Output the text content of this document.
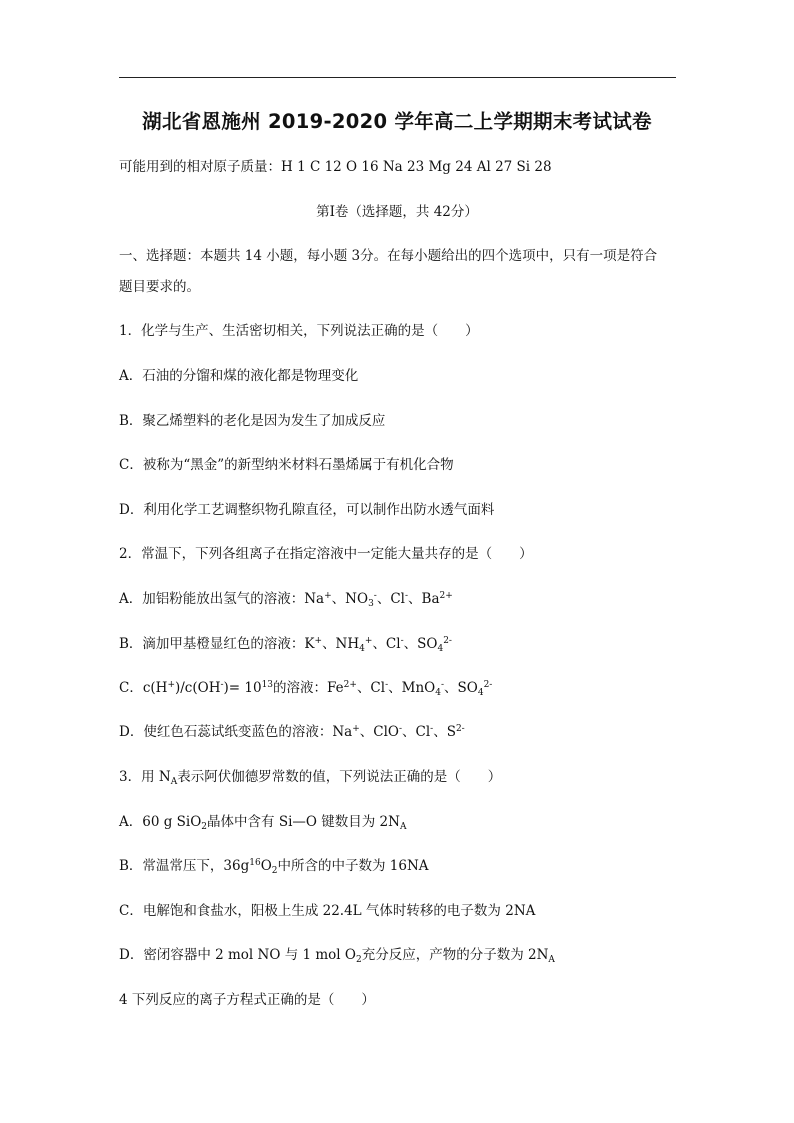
湖北省恩施州 2019-2020 学年高二上学期期末考试试卷
可能用到的相对原子质量：H 1 C 12 O 16 Na 23 Mg 24 Al 27 Si 28
第Ⅰ卷（选择题，共 42分）
一、选择题：本题共 14 小题，每小题 3分。在每小题给出的四个选项中，只有一项是符合
题目要求的。
1．化学与生产、生活密切相关，下列说法正确的是（　　）
A．石油的分馏和煤的液化都是物理变化
B．聚乙烯塑料的老化是因为发生了加成反应
C．被称为“黑金”的新型纳米材料石墨烯属于有机化合物
D．利用化学工艺调整织物孔隙直径，可以制作出防水透气面料
2．常温下，下列各组离子在指定溶液中一定能大量共存的是（　　）
A．加铝粉能放出氢气的溶液：Na+、$NO_3^-$、Cl-、$Ba^{2+}$
B．滴加甲基橙显红色的溶液：K+、$NH_4^+$、Cl-、$SO_4^{2-}$
C．$c(H^+)/c(OH^-)= 10^{13}$的溶液：$Fe^{2+}$、Cl-、MnO$_4$-、$SO_4^{2-}$
D．使红色石蕊试纸变蓝色的溶液：Na+、ClO-、Cl-、$S^{2-}$
3．用 $N_A$表示阿伏伽德罗常数的值，下列说法正确的是（　　）
A．60 g SiO$_2$晶体中含有 Si—O 键数目为 $2N_A$
B．常温常压下，$36g^{16}O_2$中所含的中子数为 16NA
C．电解饱和食盐水，阳极上生成 22.4L 气体时转移的电子数为 2NA
D．密闭容器中 2 mol NO 与 1 mol $O_2$充分反应，产物的分子数为 $2N_A$
4 下列反应的离子方程式正确的是（　　）
